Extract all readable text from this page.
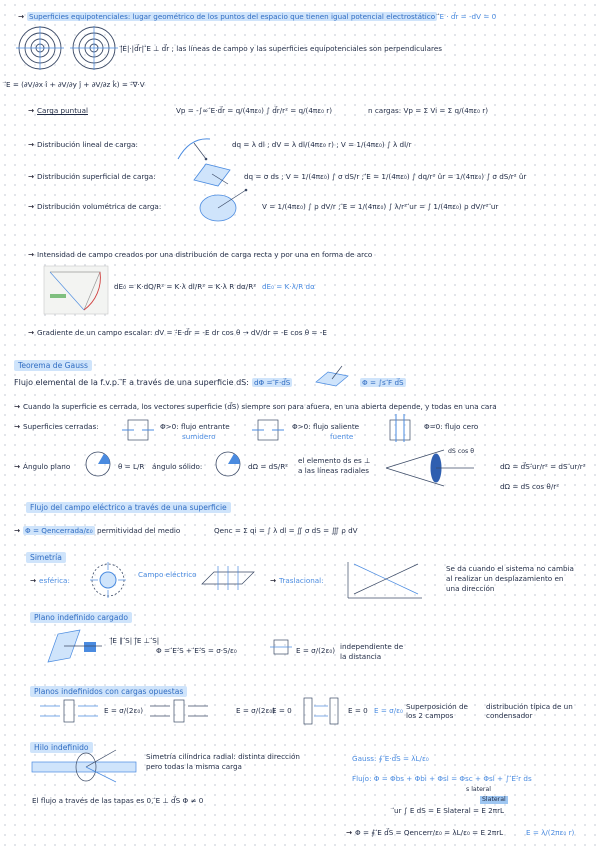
→ Superficies equipotenciales: lugar geométrico de los puntos del espacio que tienen igual potencial electrostático ⃗E · d⃗r = -dV = 0
|⃗E|·|d⃗r| ⃗E ⊥ d⃗r ; las líneas de campo y las superficies equipotenciales son perpendiculares
⃗E = (∂V/∂x î + ∂V/∂y ĵ + ∂V/∂z k̂) = -⃗∇·V
→ Carga puntual	Vp = -∫∞ ⃗E·d⃗r = q/(4πε₀) ∫ d⃗r/r² = q/(4πε₀ r)	n cargas: Vp = Σ Vi = Σ q/(4πε₀ r)
→ Distribución lineal de carga:	dq = λ dl ; dV = λ dl/(4πε₀ r) ; V = 1/(4πε₀) ∫ λ dl/r
→ Distribución superficial de carga:	dq = σ ds ; V = 1/(4πε₀) ∫ σ dS/r ; ⃗E = 1/(4πε₀) ∫ dq/r² ûr = 1/(4πε₀) ∫ σ dS/r² ûr
→ Distribución volumétrica de carga:	V = 1/(4πε₀) ∫ ρ dV/r ; ⃗E = 1/(4πε₀) ∫ λ/r² ⃗ur = ∫ 1/(4πε₀) ρ dV/r² ⃗ur
→ Intensidad de campo creados por una distribución de carga recta y por una en forma de arco
dE₀ = K·dQ/R² = K·λ dl/R² = K·λ R dα/R² dE₀ = K·λ/R dα
→ Gradiente de un campo escalar: dV = -⃗E·d⃗r = -E dr cos θ → dV/dr = -E cos θ = -E
Teorema de Gauss
Flujo elemental de la f.v.p. ⃗F a través de una superficie dS: dΦ = ⃗F·d⃗S	Φ = ∫s ⃗F d⃗S
→ Cuando la superficie es cerrada, los vectores superficie (d⃗S) siempre son para afuera, en una abierta depende, y todas en una cara
→ Superficies cerradas:	Φ>0: flujo entrante
sumidero
Φ>0: flujo saliente
fuente
Φ=0: flujo cero
→ Ángulo plano	θ = L/R ángulo sólido:	dΩ = dS/R²
el elemento ds es ⊥
a las líneas radiales
dS cos θ
dΩ = d⃗S·⃗ur/r² = dS ⃗ur/r²
dΩ = dS cos θ/r²
Flujo del campo eléctrico a través de una superficie
→ Φ = Qencerrada/ε₀ permitividad del medio	Qenc = Σ qi = ∫ λ dl = ∬ σ dS = ∭ ρ dV
Simetría
→ esférica:
Campo eléctrico
→ Traslacional:
Se da cuando el sistema no cambia
al realizar un desplazamiento en
una dirección
Plano indefinido cargado
|⃗E ∥ ⃗S| |⃗E ⊥ ⃗S|
Φ = ⃗E·⃗S + ⃗E·⃗S = σ·S/ε₀	E = σ/(2ε₀) independiente de
la distancia
Planos indefinidos con cargas opuestas
E = σ/(2ε₀)	E = σ/(2ε₀)
E = 0	E = 0 E = σ/ε₀ Superposición de los 2 campos
distribución típica de un condensador
Hilo indefinido
Simetría cilíndrica radial: distinta dirección
pero todas la misma carga
Gauss: ∮ ⃗E·d⃗S = λL/ε₀
Flujo: Φ = Φbs + Φbi + Φsl = Φsc + Φsl + ∫ ⃗E·⃗r ds
s lateral
El flujo a través de las tapas es 0, ⃗E ⊥ d⃗S Φ ≠ 0
⃗ur ∫ E dS = E Slateral = E 2πrL
Slateral
→ Φ = ∮ ⃗E d⃗S = Qencerr/ε₀ = λL/ε₀ = E 2πrL	E = λ/(2πε₀ r)
